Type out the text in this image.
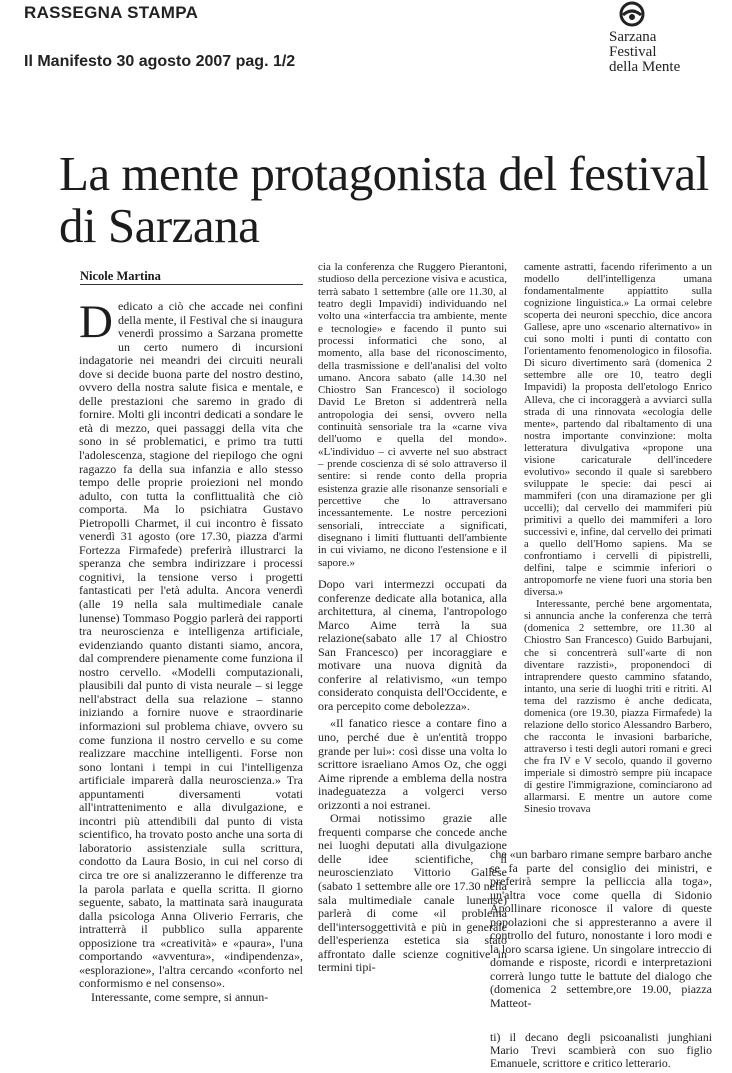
RASSEGNA STAMPA
Il Manifesto 30 agosto 2007 pag. 1/2
Sarzana
Festival
della Mente
La mente protagonista del festival di Sarzana
Nicole Martina

Dedicato a ciò che accade nei confini della mente, il Festival che si inaugura venerdì prossimo a Sarzana promette un certo numero di incursioni indagatorie nei meandri dei circuiti neurali dove si decide buona parte del nostro destino, ovvero della nostra salute fisica e mentale, e delle prestazioni che saremo in grado di fornire. Molti gli incontri dedicati a sondare le età di mezzo, quei passaggi della vita che sono in sé problematici, e primo tra tutti l'adolescenza, stagione del riepilogo che ogni ragazzo fa della sua infanzia e allo stesso tempo delle proprie proiezioni nel mondo adulto, con tutta la conflittualità che ciò comporta. Ma lo psichiatra Gustavo Pietropolli Charmet, il cui incontro è fissato venerdì 31 agosto (ore 17.30, piazza d'armi Fortezza Firmafede) preferirà illustrarci la speranza che sembra indirizzare i processi cognitivi, la tensione verso i progetti fantasticati per l'età adulta. Ancora venerdì (alle 19 nella sala multimediale canale lunense) Tommaso Poggio parlerà dei rapporti tra neuroscienza e intelligenza artificiale, evidenziando quanto distanti siamo, ancora, dal comprendere pienamente come funziona il nostro cervello. «Modelli computazionali, plausibili dal punto di vista neurale – si legge nell'abstract della sua relazione – stanno iniziando a fornire nuove e straordinarie informazioni sul problema chiave, ovvero su come funziona il nostro cervello e su come realizzare macchine intelligenti. Forse non sono lontani i tempi in cui l'intelligenza artificiale imparerà dalla neuroscienza.» Tra appuntamenti diversamenti votati all'intrattenimento e alla divulgazione, e incontri più attendibili dal punto di vista scientifico, ha trovato posto anche una sorta di laboratorio assistenziale sulla scrittura, condotto da Laura Bosio, in cui nel corso di circa tre ore si analizzeranno le differenze tra la parola parlata e quella scritta. Il giorno seguente, sabato, la mattinata sarà inaugurata dalla psicologa Anna Oliverio Ferraris, che intratterrà il pubblico sulla apparente opposizione tra «creatività» e «paura», l'una comportando «avventura», «indipendenza», «esplorazione», l'altra cercando «conforto nel conformismo e nel consenso».

Interessante, come sempre, si annun-

cia la conferenza che Ruggero Pierantoni, studioso della percezione visiva e acustica, terrà sabato 1 settembre (alle ore 11.30, al teatro degli Impavidi) individuando nel volto una «interfaccia tra ambiente, mente e tecnologie» e facendo il punto sui processi informatici che sono, al momento, alla base del riconoscimento, della trasmissione e dell'analisi del volto umano. Ancora sabato (alle 14.30 nel Chiostro San Francesco) il sociologo David Le Breton si addentrerà nella antropologia dei sensi, ovvero nella continuità sensoriale tra la «carne viva dell'uomo e quella del mondo». «L'individuo – ci avverte nel suo abstract – prende coscienza di sé solo attraverso il sentire: si rende conto della propria esistenza grazie alle risonanze sensoriali e percettive che lo attraversano incessantemente. Le nostre percezioni sensoriali, intrecciate a significati, disegnano i limiti fluttuanti dell'ambiente in cui viviamo, ne dicono l'estensione e il sapore.»

Dopo vari intermezzi occupati da conferenze dedicate alla botanica, alla architettura, al cinema, l'antropologo Marco Aime terrà la sua relazione(sabato alle 17 al Chiostro San Francesco) per incoraggiare e motivare una nuova dignità da conferire al relativismo, «un tempo considerato conquista dell'Occidente, e ora percepito come debolezza».

«Il fanatico riesce a contare fino a uno, perché due è un'entità troppo grande per lui»: così disse una volta lo scrittore israeliano Amos Oz, che oggi Aime riprende a emblema della nostra inadeguatezza a volgerci verso orizzonti a noi estranei.

Ormai notissimo grazie alle frequenti comparse che concede anche nei luoghi deputati alla divulgazione delle idee scientifiche, il neuroscienziato Vittorio Gallese (sabato 1 settembre alle ore 17.30 nella sala multimediale canale lunense) parlerà di come «il problema dell'intersoggettività e più in generale dell'esperienza estetica sia stato affrontato dalle scienze cognitive in termini tipi-

camente astratti, facendo riferimento a un modello dell'intelligenza umana fondamentalmente appiattito sulla cognizione linguistica.» La ormai celebre scoperta dei neuroni specchio, dice ancora Gallese, apre uno «scenario alternativo» in cui sono molti i punti di contatto con l'orientamento fenomenologico in filosofia. Di sicuro divertimento sarà (domenica 2 settembre alle ore 10, teatro degli Impavidi) la proposta dell'etologo Enrico Alleva, che ci incoraggerà a avviarci sulla strada di una rinnovata «ecologia delle mente», partendo dal ribaltamento di una nostra importante convinzione: molta letteratura divulgativa «propone una visione caricaturale dell'incedere evolutivo» secondo il quale si sarebbero sviluppate le specie: dai pesci ai mammiferi (con una diramazione per gli uccelli); dal cervello dei mammiferi più primitivi a quello dei mammiferi a loro successivi e, infine, dal cervello dei primati a quello dell'Homo sapiens. Ma se confrontiamo i cervelli di pipistrelli, delfini, talpe e scimmie inferiori o antropomorfe ne viene fuori una storia ben diversa.»

Interessante, perché bene argomentata, si annuncia anche la conferenza che terrà (domenica 2 settembre, ore 11.30 al Chiostro San Francesco) Guido Barbujani, che si concentrerà sull'«arte di non diventare razzisti», proponendoci di intraprendere questo cammino sfatando, intanto, una serie di luoghi triti e ritriti. Al tema del razzismo è anche dedicata, domenica (ore 19.30, piazza Firmafede) la relazione dello storico Alessandro Barbero, che racconta le invasioni barbariche, attraverso i testi degli autori romani e greci che fra IV e V secolo, quando il governo imperiale si dimostrò sempre più incapace di gestire l'immigrazione, cominciarono ad allarmarsi. E mentre un autore come Sinesio trovava

che «un barbaro rimane sempre barbaro anche se fa parte del consiglio dei ministri, e preferirà sempre la pelliccia alla toga», un'altra voce come quella di Sidonio Apollinare riconosce il valore di queste popolazioni che si appresteranno a avere il controllo del futuro, nonostante i loro modi e la loro scarsa igiene. Un singolare intreccio di domande e risposte, ricordi e interpretazioni correrà lungo tutte le battute del dialogo che (domenica 2 settembre,ore 19.00, piazza Matteot-

ti) il decano degli psicoanalisti junghiani Mario Trevi scambierà con suo figlio Emanuele, scrittore e critico letterario.
